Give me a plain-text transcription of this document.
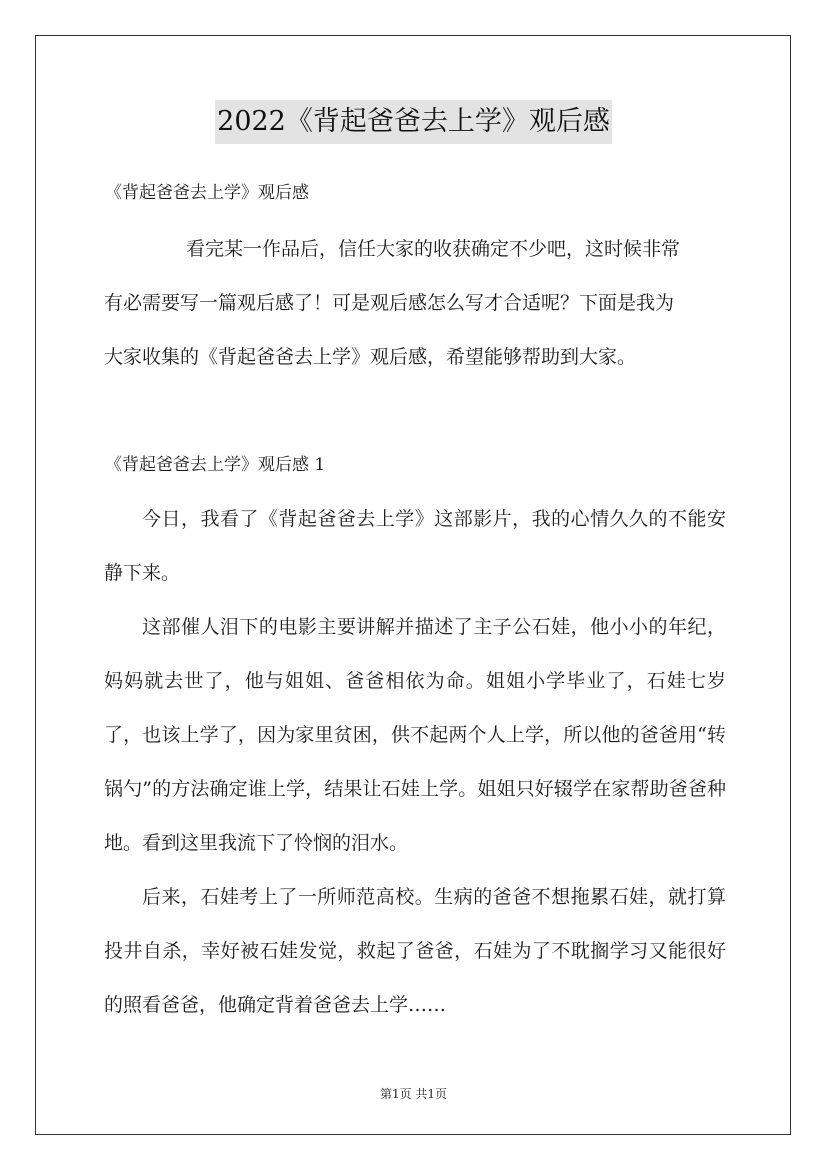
2022《背起爸爸去上学》观后感
《背起爸爸去上学》观后感

看完某一作品后，信任大家的收获确定不少吧，这时候非常

有必需要写一篇观后感了！可是观后感怎么写才合适呢？下面是我为

大家收集的《背起爸爸去上学》观后感，希望能够帮助到大家。

《背起爸爸去上学》观后感 1

今日，我看了《背起爸爸去上学》这部影片，我的心情久久的不能安静下来。

这部催人泪下的电影主要讲解并描述了主子公石娃，他小小的年纪，妈妈就去世了，他与姐姐、爸爸相依为命。姐姐小学毕业了，石娃七岁了，也该上学了，因为家里贫困，供不起两个人上学，所以他的爸爸用“转锅勺”的方法确定谁上学，结果让石娃上学。姐姐只好辍学在家帮助爸爸种地。看到这里我流下了怜悯的泪水。

后来，石娃考上了一所师范高校。生病的爸爸不想拖累石娃，就打算投井自杀，幸好被石娃发觉，救起了爸爸，石娃为了不耽搁学习又能很好的照看爸爸，他确定背着爸爸去上学……

第1页 共1页
